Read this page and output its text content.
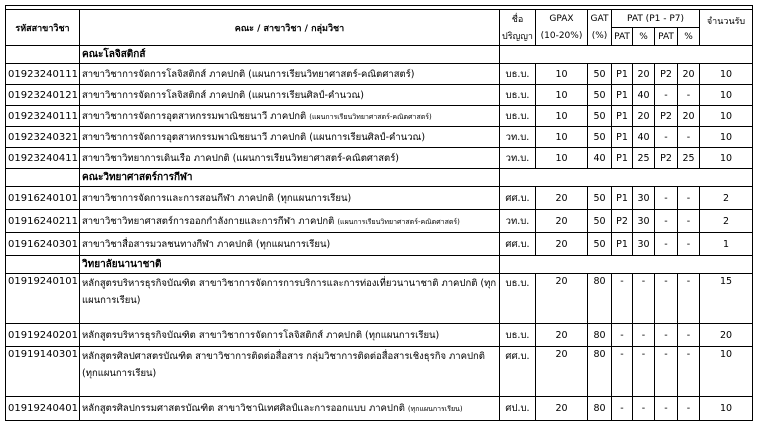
รหัสสาขาวิชา	คณะ / สาขาวิชา / กลุ่มวิชา	ชื่อ	GPAX	GAT	PAT (P1 - P7)				จำนวนรับ
		ปริญญา	(10-20%)	(%)	PAT	%	PAT	%	
	คณะโลจิสติกส์								
01923240111	สาขาวิชาการจัดการโลจิสติกส์ ภาคปกติ (แผนการเรียนวิทยาศาสตร์-คณิตศาสตร์)	บธ.บ.	10	50	P1	20	P2	20	10
01923240121	สาขาวิชาการจัดการโลจิสติกส์ ภาคปกติ (แผนการเรียนศิลป์-คำนวณ)	บธ.บ.	10	50	P1	40	-	-	10
01923240111	สาขาวิชาการจัดการอุตสาหกรรมพาณิชยนาวี ภาคปกติ (แผนการเรียนวิทยาศาสตร์-คณิตศาสตร์)	บธ.บ.	10	50	P1	20	P2	20	10
01923240321	สาขาวิชาการจัดการอุตสาหกรรมพาณิชยนาวี ภาคปกติ (แผนการเรียนศิลป์-คำนวณ)	วท.บ.	10	50	P1	40	-	-	10
01923240411	สาขาวิชาวิทยาการเดินเรือ ภาคปกติ (แผนการเรียนวิทยาศาสตร์-คณิตศาสตร์)	วท.บ.	10	40	P1	25	P2	25	10
	คณะวิทยาศาสตร์การกีฬา								
01916240101	สาขาวิชาการจัดการและการสอนกีฬา ภาคปกติ (ทุกแผนการเรียน)	ศศ.บ.	20	50	P1	30	-	-	2
01916240211	สาขาวิชาวิทยาศาสตร์การออกกำลังกายและการกีฬา ภาคปกติ (แผนการเรียนวิทยาศาสตร์-คณิตศาสตร์)	วท.บ.	20	50	P2	30	-	-	2
01916240301	สาขาวิชาสื่อสารมวลชนทางกีฬา ภาคปกติ (ทุกแผนการเรียน)	ศศ.บ.	20	50	P1	30	-	-	1
	วิทยาลัยนานาชาติ								
01919240101	หลักสูตรบริหารธุรกิจบัณฑิต สาขาวิชาการจัดการการบริการและการท่องเที่ยวนานาชาติ ภาคปกติ (ทุกแผนการเรียน)	บธ.บ.	20	80	-	-	-	-	15
01919240201	หลักสูตรบริหารธุรกิจบัณฑิต สาขาวิชาการจัดการโลจิสติกส์ ภาคปกติ (ทุกแผนการเรียน)	บธ.บ.	20	80	-	-	-	-	20
01919140301	หลักสูตรศิลปศาสตรบัณฑิต สาขาวิชาการติดต่อสื่อสาร กลุ่มวิชาการติดต่อสื่อสารเชิงธุรกิจ ภาคปกติ (ทุกแผนการเรียน)	ศศ.บ.	20	80	-	-	-	-	10
01919240401	หลักสูตรศิลปกรรมศาสตรบัณฑิต สาขาวิชานิเทศศิลป์และการออกแบบ ภาคปกติ (ทุกแผนการเรียน)	ศป.บ.	20	80	-	-	-	-	10
